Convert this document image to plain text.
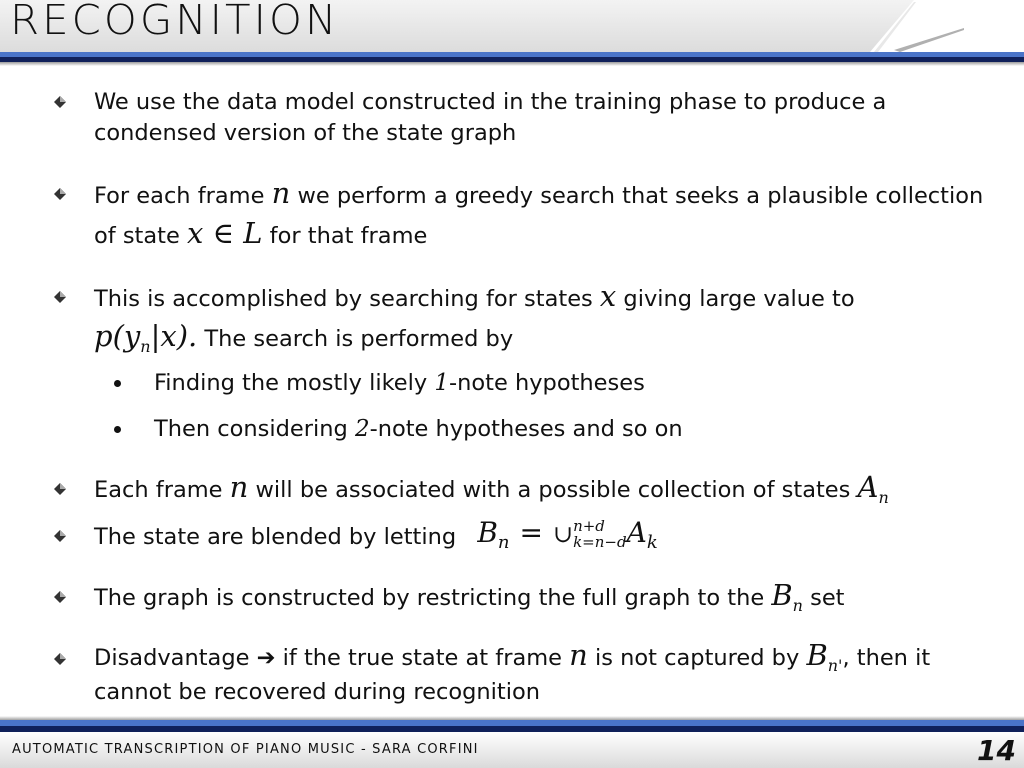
RECOGNITION
We use the data model constructed in the training phase to produce a condensed version of the state graph
For each frame n we perform a greedy search that seeks a plausible collection of state x ∈ L for that frame
This is accomplished by searching for states x giving large value to
$p(y_n|x)$. The search is performed by
Finding the mostly likely 1-note hypotheses
Then considering 2-note hypotheses and so on
Each frame n will be associated with a possible collection of states $A_n$
The state are blended by letting $B_n$ = ∪n+d
$k=n-dA_k$
The graph is constructed by restricting the full graph to the $B_n$ set
Disadvantage ➔ if the true state at frame n is not captured by $B_{n'}$, then it cannot be recovered during recognition
AUTOMATIC TRANSCRIPTION OF PIANO MUSIC - SARA CORFINI	14
